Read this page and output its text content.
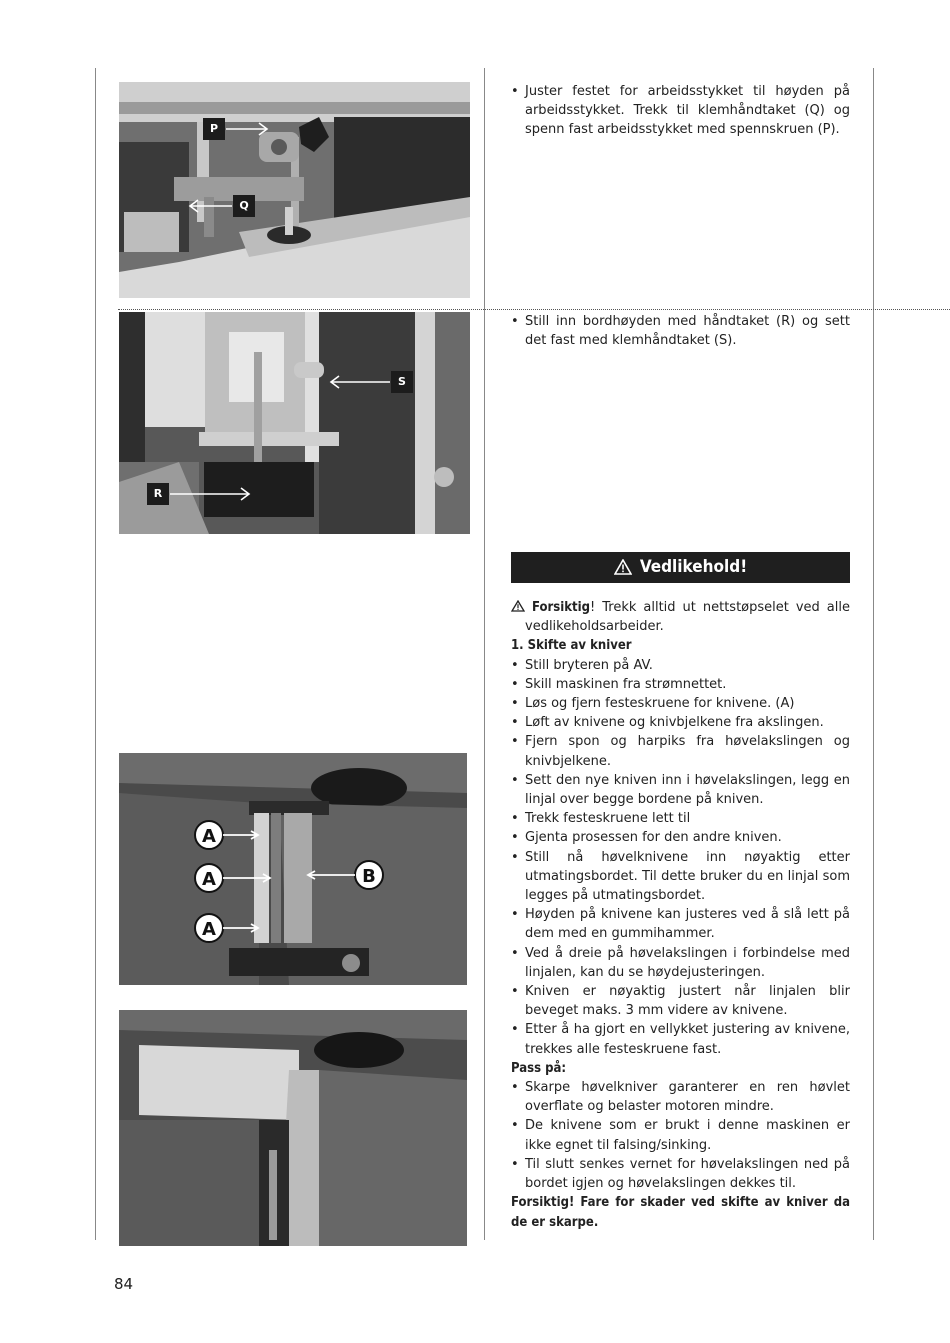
P
Q
S
R
A
A
A
B
• Juster festet for arbeidsstykket til høyden på arbeidsstykket. Trekk til klemhåndtaket (Q) og spenn fast arbeidsstykket med spennskruen (P).
• Still inn bordhøyden med håndtaket (R) og sett det fast med klemhåndtaket (S).
Vedlikehold!

Forsiktig! Trekk alltid ut nettstøpselet ved alle vedlikeholdsarbeider.

1. Skifte av kniver

• Still bryteren på AV.
• Skill maskinen fra strømnettet.
• Løs og fjern festeskruene for knivene. (A)
• Løft av knivene og knivbjelkene fra akslingen.
• Fjern spon og harpiks fra høvelakslingen og knivbjelkene.
• Sett den nye kniven inn i høvelakslingen, legg en linjal over begge bordene på kniven.
• Trekk festeskruene lett til
• Gjenta prosessen for den andre kniven.
• Still nå høvelknivene inn nøyaktig etter utmatingsbordet. Til dette bruker du en linjal som legges på utmatingsbordet.
• Høyden på knivene kan justeres ved å slå lett på dem med en gummihammer.
• Ved å dreie på høvelakslingen i forbindelse med linjalen, kan du se høydejusteringen.
• Kniven er nøyaktig justert når linjalen blir beveget maks. 3 mm videre av knivene.
• Etter å ha gjort en vellykket justering av knivene, trekkes alle festeskruene fast.

Pass på:

• Skarpe høvelkniver garanterer en ren høvlet overflate og belaster motoren mindre.
• De knivene som er brukt i denne maskinen er ikke egnet til falsing/sinking.
• Til slutt senkes vernet for høvelakslingen ned på bordet igjen og høvelakslingen dekkes til.

Forsiktig! Fare for skader ved skifte av kniver da de er skarpe.

84
